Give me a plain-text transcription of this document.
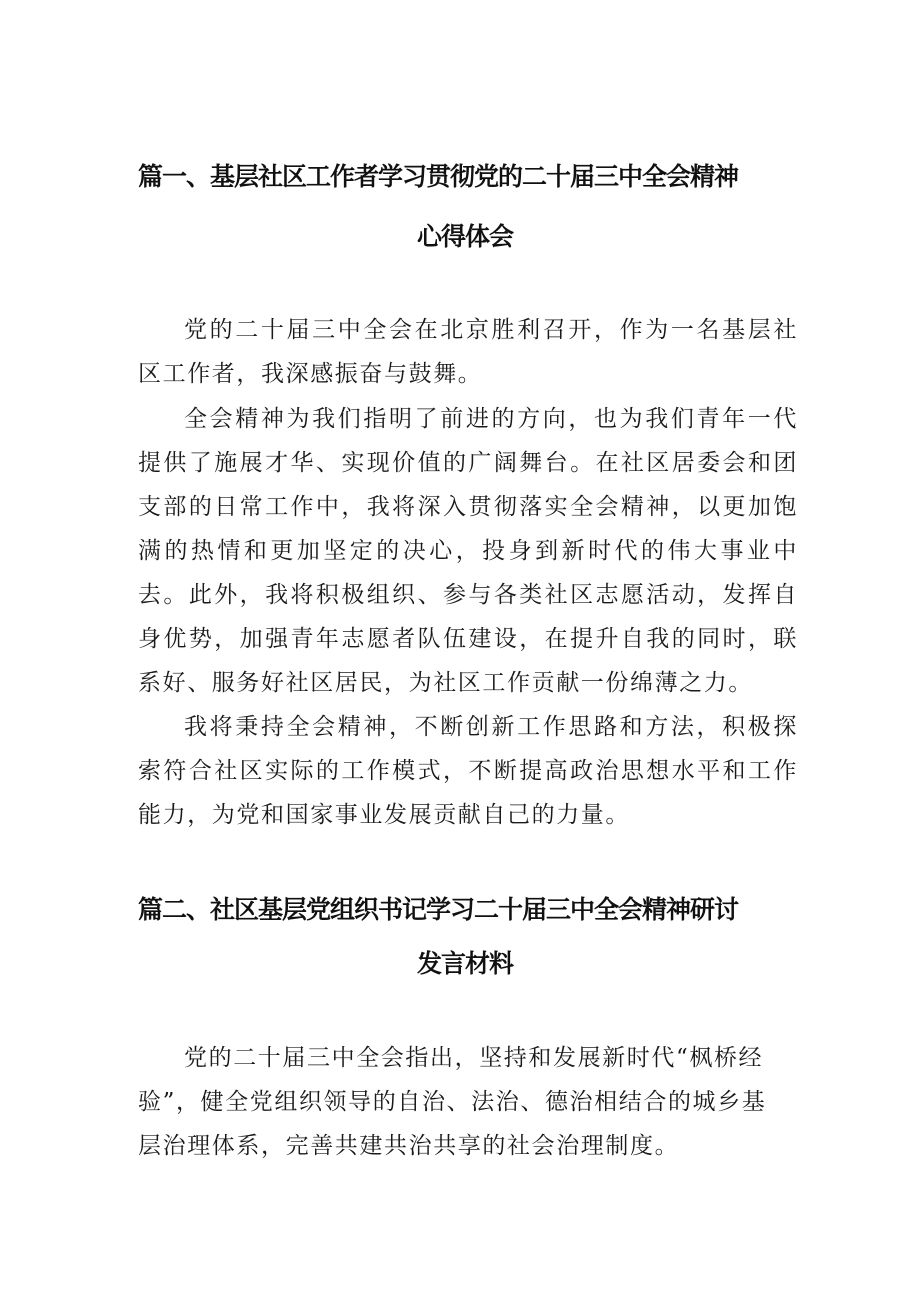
篇一、基层社区工作者学习贯彻党的二十届三中全会精神
心得体会

党的二十届三中全会在北京胜利召开，作为一名基层社区工作者，我深感振奋与鼓舞。

全会精神为我们指明了前进的方向，也为我们青年一代提供了施展才华、实现价值的广阔舞台。在社区居委会和团支部的日常工作中，我将深入贯彻落实全会精神，以更加饱满的热情和更加坚定的决心，投身到新时代的伟大事业中去。此外，我将积极组织、参与各类社区志愿活动，发挥自身优势，加强青年志愿者队伍建设，在提升自我的同时，联系好、服务好社区居民，为社区工作贡献一份绵薄之力。

我将秉持全会精神，不断创新工作思路和方法，积极探索符合社区实际的工作模式，不断提高政治思想水平和工作能力，为党和国家事业发展贡献自己的力量。

篇二、社区基层党组织书记学习二十届三中全会精神研讨
发言材料

党的二十届三中全会指出，坚持和发展新时代“枫桥经验”，健全党组织领导的自治、法治、德治相结合的城乡基层治理体系，完善共建共治共享的社会治理制度。
